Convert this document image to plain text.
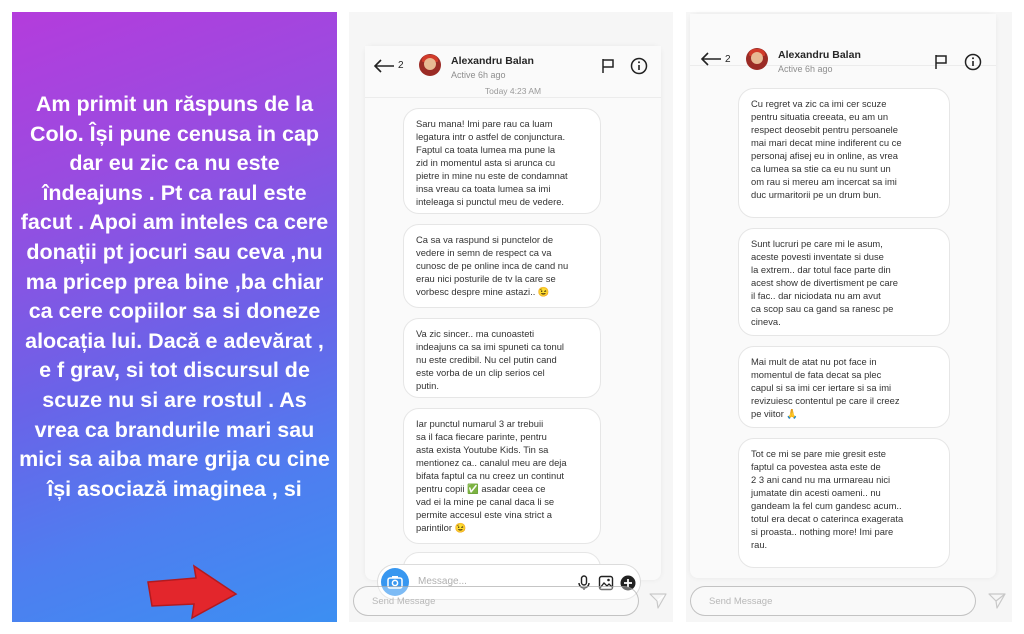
Am primit un răspuns de la Colo. Își pune cenusa in cap dar eu zic ca nu este îndeajuns . Pt ca raul este facut . Apoi am inteles ca cere donații pt jocuri sau ceva ,nu ma pricep prea bine ,ba chiar ca cere copiilor sa si doneze alocația lui. Dacă e adevărat , e f grav, si tot discursul de scuze nu si are rostul . As vrea ca brandurile mari sau mici sa aiba mare grija cu cine își asociază imaginea , si
2	Alexandru Balan
Active 6h ago
Today 4:23 AM
Saru mana! Imi pare rau ca luam
legatura intr o astfel de conjunctura.
Faptul ca toata lumea ma pune la
zid in momentul asta si arunca cu
pietre in mine nu este de condamnat
insa vreau ca toata lumea sa imi
inteleaga si punctul meu de vedere.
Ca sa va raspund si punctelor de
vedere in semn de respect ca va
cunosc de pe online inca de cand nu
erau nici posturile de tv la care se
vorbesc despre mine astazi.. 😉
Va zic sincer.. ma cunoasteti
indeajuns ca sa imi spuneti ca tonul
nu este credibil. Nu cel putin cand
este vorba de un clip serios cel
putin.
Iar punctul numarul 3 ar trebuii
sa il faca fiecare parinte, pentru
asta exista Youtube Kids. Tin sa
mentionez ca.. canalul meu are deja
bifata faptul ca nu creez un continut
pentru copii ✅ asadar ceea ce
vad ei la mine pe canal daca li se
permite accesul este vina strict a
parintilor 😉
Message...
Send Message
2	Alexandru Balan
Active 6h ago
Cu regret va zic ca imi cer scuze
pentru situatia creeata, eu am un
respect deosebit pentru persoanele
mai mari decat mine indiferent cu ce
personaj afisej eu in online, as vrea
ca lumea sa stie ca eu nu sunt un
om rau si mereu am incercat sa imi
duc urmaritorii pe un drum bun.
Sunt lucruri pe care mi le asum,
aceste povesti inventate si duse
la extrem.. dar totul face parte din
acest show de divertisment pe care
il fac.. dar niciodata nu am avut
ca scop sau ca gand sa ranesc pe
cineva.
Mai mult de atat nu pot face in
momentul de fata decat sa plec
capul si sa imi cer iertare si sa imi
revizuiesc contentul pe care il creez
pe viitor 🙏
Tot ce mi se pare mie gresit este
faptul ca povestea asta este de
2 3 ani cand nu ma urmareau nici
jumatate din acesti oameni.. nu
gandeam la fel cum gandesc acum..
totul era decat o caterinca exagerata
si proasta.. nothing more! Imi pare
rau.
Send Message
